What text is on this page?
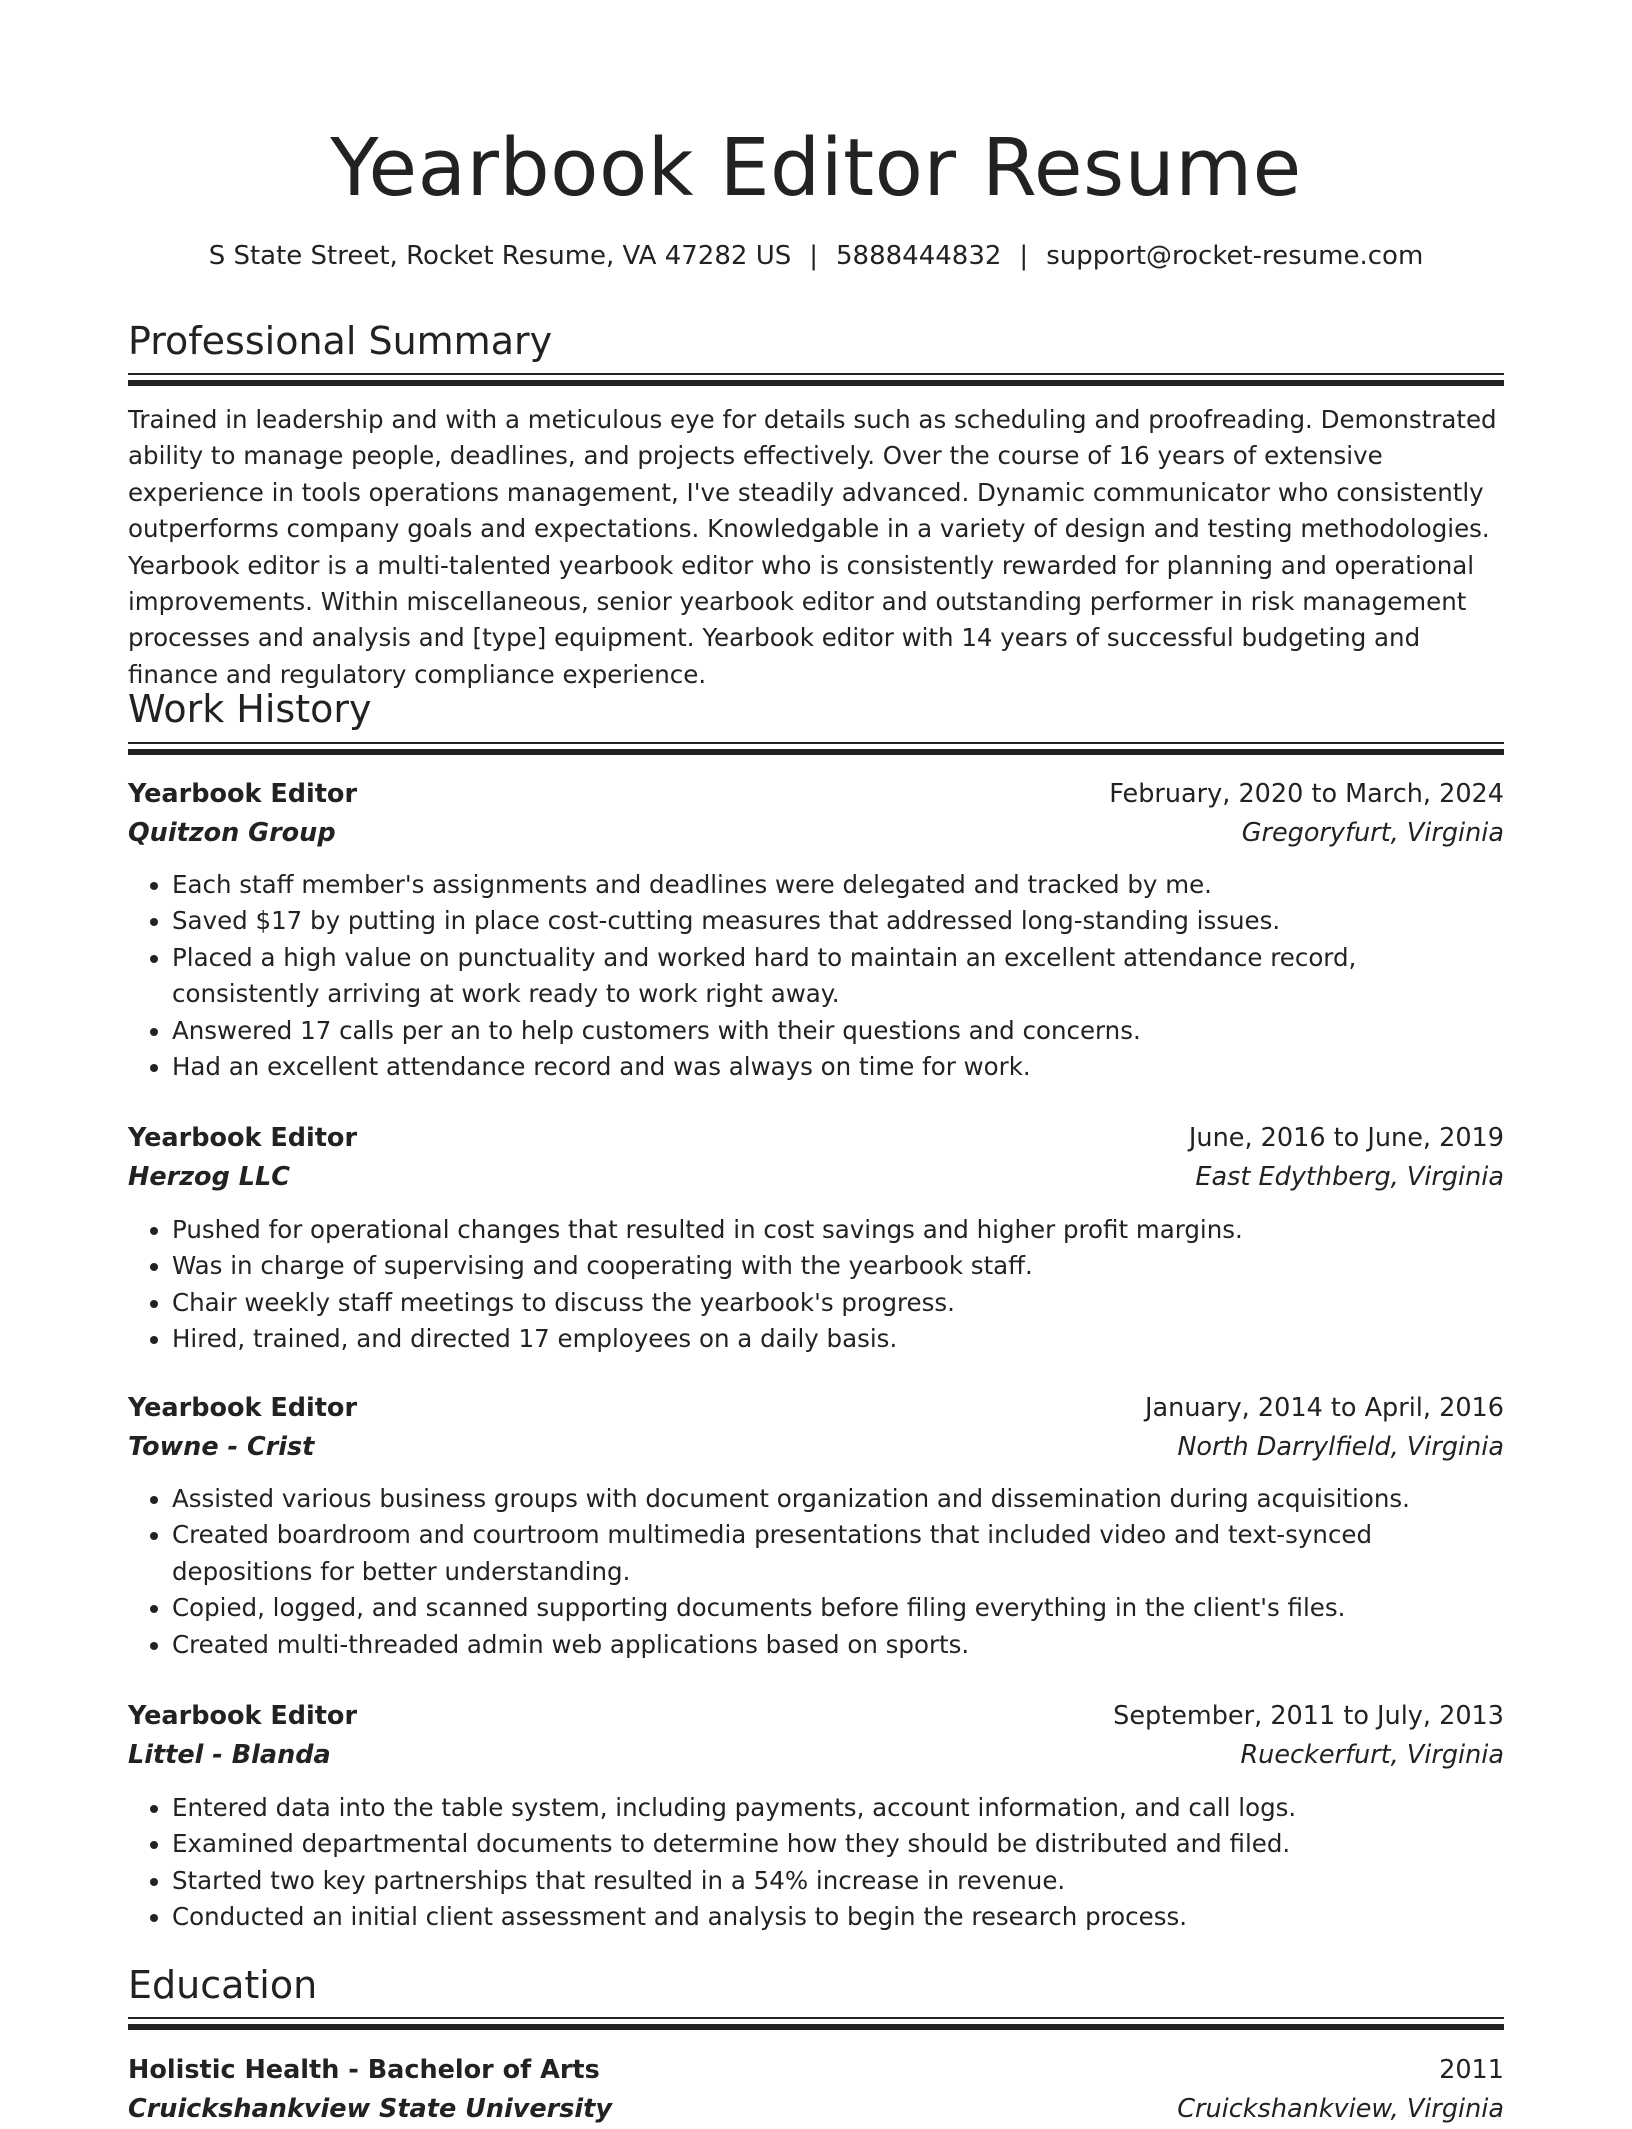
Yearbook Editor Resume
S State Street, Rocket Resume, VA 47282 US | 5888444832 | support@rocket-resume.com
Professional Summary

Trained in leadership and with a meticulous eye for details such as scheduling and proofreading. Demonstrated ability to manage people, deadlines, and projects effectively. Over the course of 16 years of extensive experience in tools operations management, I've steadily advanced. Dynamic communicator who consistently outperforms company goals and expectations. Knowledgable in a variety of design and testing methodologies. Yearbook editor is a multi-talented yearbook editor who is consistently rewarded for planning and operational improvements. Within miscellaneous, senior yearbook editor and outstanding performer in risk management processes and analysis and [type] equipment. Yearbook editor with 14 years of successful budgeting and finance and regulatory compliance experience.

Work History
Yearbook Editor	February, 2020 to March, 2024
Quitzon Group	Gregoryfurt, Virginia
• Each staff member's assignments and deadlines were delegated and tracked by me.
• Saved $17 by putting in place cost-cutting measures that addressed long-standing issues.
• Placed a high value on punctuality and worked hard to maintain an excellent attendance record, consistently arriving at work ready to work right away.
• Answered 17 calls per an to help customers with their questions and concerns.
• Had an excellent attendance record and was always on time for work.
Yearbook Editor	June, 2016 to June, 2019
Herzog LLC	East Edythberg, Virginia
• Pushed for operational changes that resulted in cost savings and higher profit margins.
• Was in charge of supervising and cooperating with the yearbook staff.
• Chair weekly staff meetings to discuss the yearbook's progress.
• Hired, trained, and directed 17 employees on a daily basis.
Yearbook Editor	January, 2014 to April, 2016
Towne - Crist	North Darrylfield, Virginia
• Assisted various business groups with document organization and dissemination during acquisitions.
• Created boardroom and courtroom multimedia presentations that included video and text-synced depositions for better understanding.
• Copied, logged, and scanned supporting documents before filing everything in the client's files.
• Created multi-threaded admin web applications based on sports.
Yearbook Editor	September, 2011 to July, 2013
Littel - Blanda	Rueckerfurt, Virginia
• Entered data into the table system, including payments, account information, and call logs.
• Examined departmental documents to determine how they should be distributed and filed.
• Started two key partnerships that resulted in a 54% increase in revenue.
• Conducted an initial client assessment and analysis to begin the research process.
Education
Holistic Health - Bachelor of Arts	2011
Cruickshankview State University	Cruickshankview, Virginia
